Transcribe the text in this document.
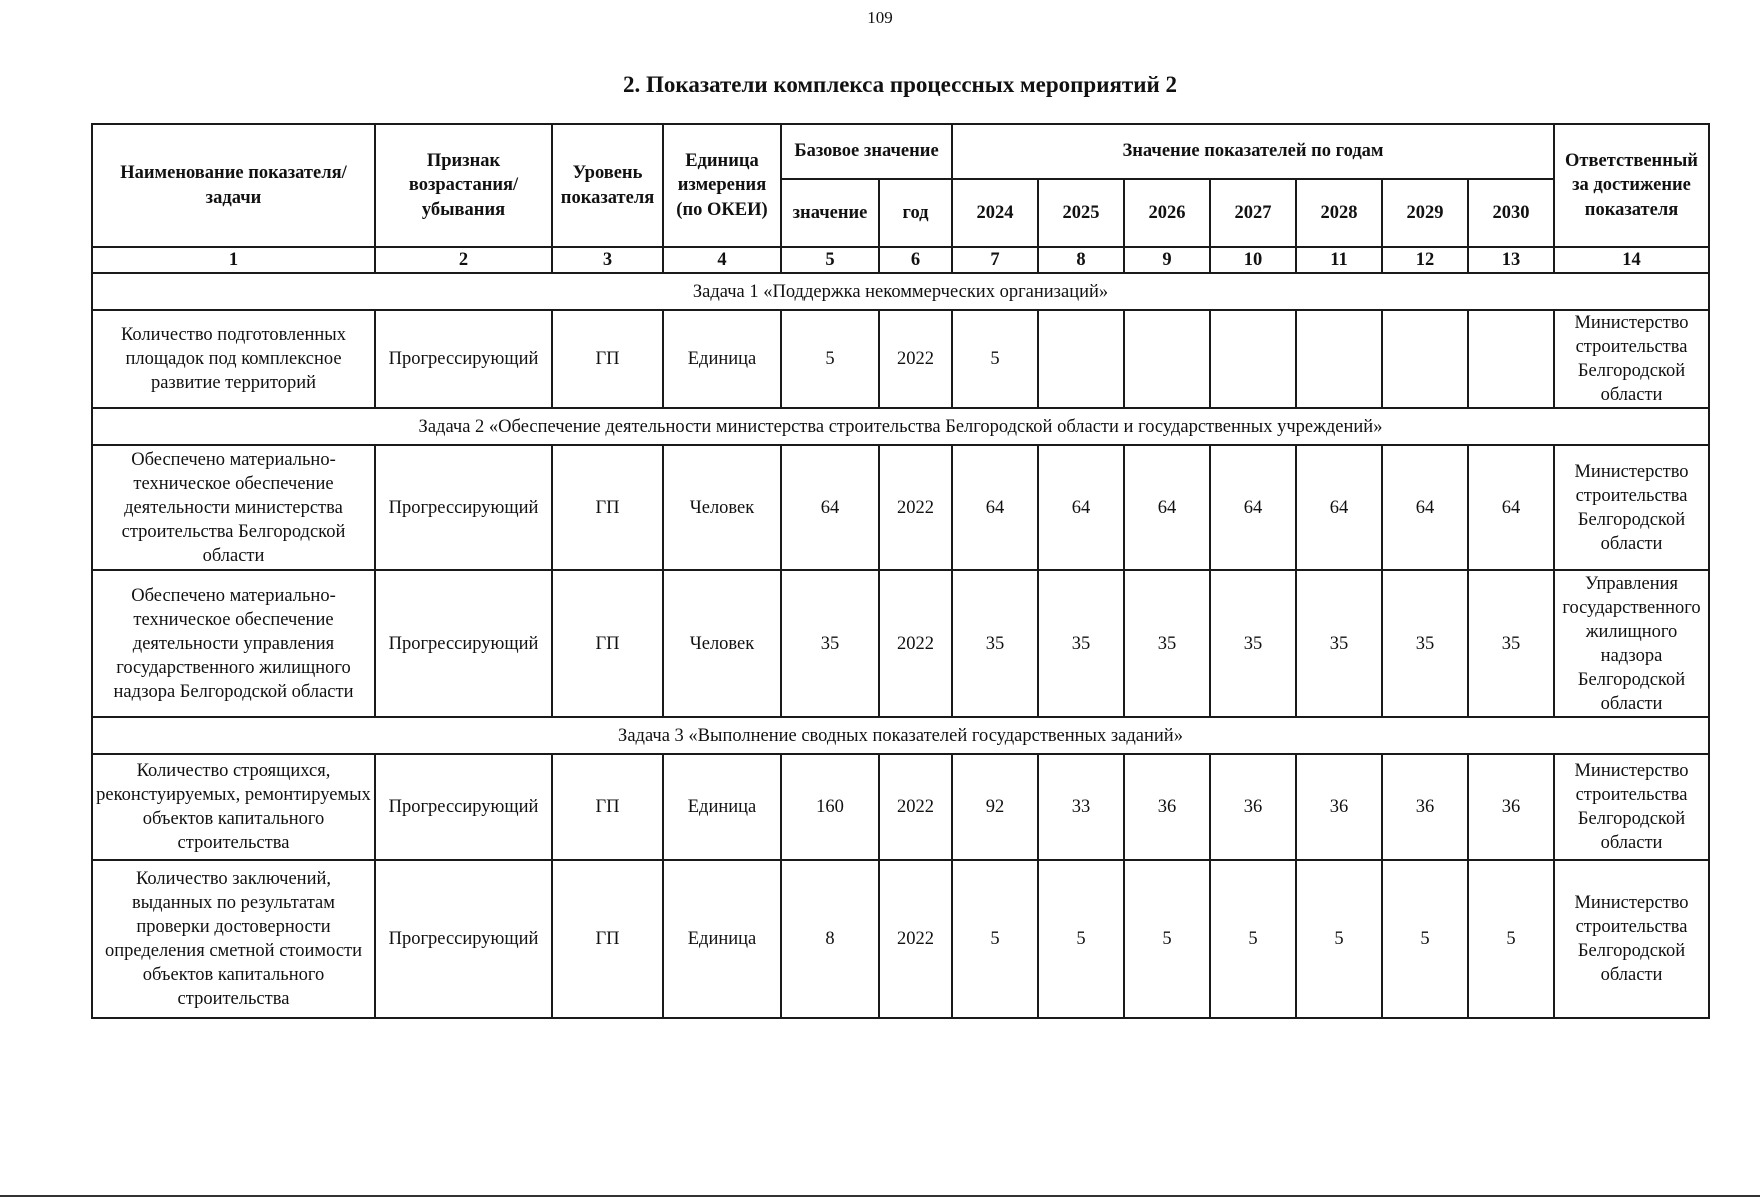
109
2. Показатели комплекса процессных мероприятий 2
Наименование показателя/задачи	Признак возрастания/ убывания	Уровень показателя	Единица измерения (по ОКЕИ)	Базовое значение		Значение показателей по годам							Ответственный за достижение показателя
				значение	год	2024	2025	2026	2027	2028	2029	2030	
1	2	3	4	5	6	7	8	9	10	11	12	13	14
Задача 1 «Поддержка некоммерческих организаций»													
Количество подготовленных площадок под комплексное развитие территорий	Прогрессирующий	ГП	Единица	5	2022	5							Министерство строительства Белгородской области
Задача 2 «Обеспечение деятельности министерства строительства Белгородской области и государственных учреждений»													
Обеспечено материально-техническое обеспечение деятельности министерства строительства Белгородской области	Прогрессирующий	ГП	Человек	64	2022	64	64	64	64	64	64	64	Министерство строительства Белгородской области
Обеспечено материально-техническое обеспечение деятельности управления государственного жилищного надзора Белгородской области	Прогрессирующий	ГП	Человек	35	2022	35	35	35	35	35	35	35	Управления государственного жилищного надзора Белгородской области
Задача 3 «Выполнение сводных показателей государственных заданий»													
Количество строящихся, реконстуируемых, ремонтируемых объектов капитального строительства	Прогрессирующий	ГП	Единица	160	2022	92	33	36	36	36	36	36	Министерство строительства Белгородской области
Количество заключений, выданных по результатам проверки достоверности определения сметной стоимости объектов капитального строительства	Прогрессирующий	ГП	Единица	8	2022	5	5	5	5	5	5	5	Министерство строительства Белгородской области
